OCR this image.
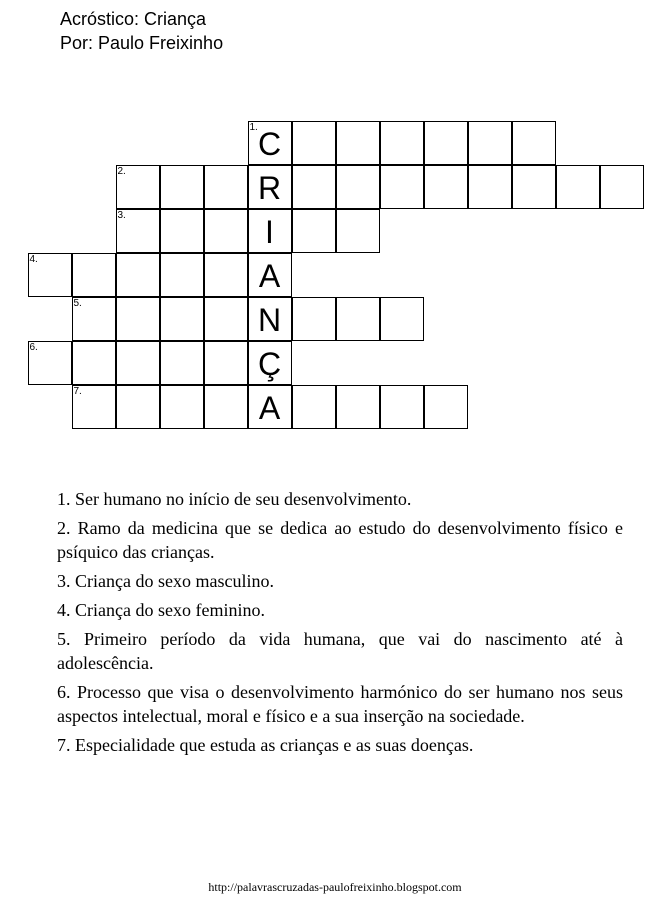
Acróstico: Criança
Por: Paulo Freixinho
1. C
2.	R
3.	I
4.	A
5.	N
6.	Ç
7.	A

1. Ser humano no início de seu desenvolvimento.

2. Ramo da medicina que se dedica ao estudo do desenvolvimento físico e psíquico das crianças.

3. Criança do sexo masculino.

4. Criança do sexo feminino.

5. Primeiro período da vida humana, que vai do nascimento até à adolescência.

6. Processo que visa o desenvolvimento harmónico do ser humano nos seus aspectos intelectual, moral e físico e a sua inserção na sociedade.

7. Especialidade que estuda as crianças e as suas doenças.

http://palavrascruzadas-paulofreixinho.blogspot.com
